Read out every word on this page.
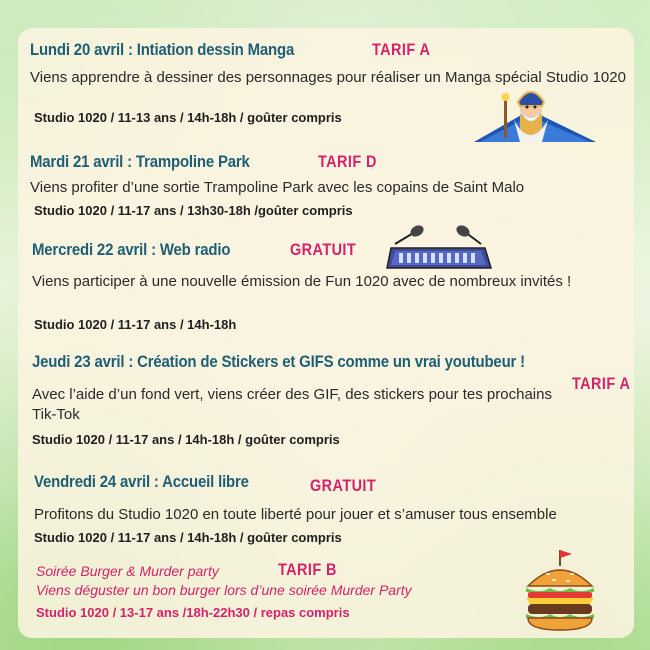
Lundi 20 avril : Intiation dessin Manga	TARIF A
Viens apprendre à dessiner des personnages pour réaliser un Manga spécial Studio 1020
Studio 1020 / 11-13 ans / 14h-18h / goûter compris
Mardi 21 avril : Trampoline Park	TARIF D
Viens profiter d’une sortie Trampoline Park avec les copains de Saint Malo
Studio 1020 / 11-17 ans / 13h30-18h /goûter compris
Mercredi 22 avril : Web radio	GRATUIT
Viens participer à une nouvelle émission de Fun 1020 avec de nombreux invités !
Studio 1020 / 11-17 ans / 14h-18h
Jeudi 23 avril : Création de Stickers et GIFS comme un vrai youtubeur !
TARIF A
Avec l’aide d’un fond vert, viens créer des GIF, des stickers pour tes prochains Tik-Tok
Studio 1020 / 11-17 ans / 14h-18h / goûter compris
Vendredi 24 avril : Accueil libre	GRATUIT
Profitons du Studio 1020 en toute liberté pour jouer et s’amuser tous ensemble
Studio 1020 / 11-17 ans / 14h-18h / goûter compris
Soirée Burger & Murder party	TARIF B
Viens déguster un bon burger lors d’une soirée Murder Party
Studio 1020 / 13-17 ans /18h-22h30 / repas compris
